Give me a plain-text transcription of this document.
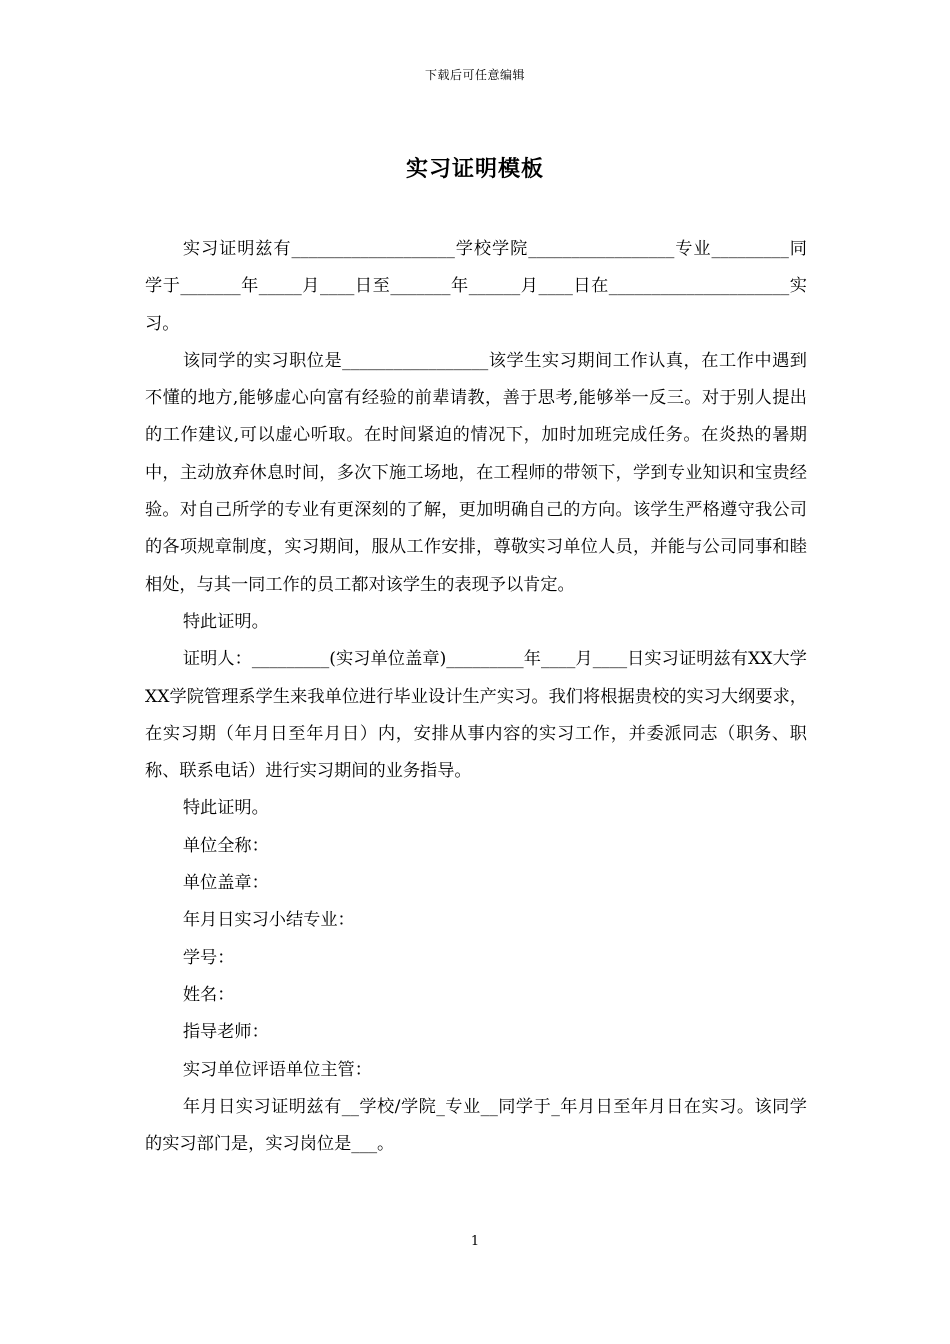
下载后可任意编辑
实习证明模板

实习证明兹有___________________学校学院_________________专业_________同学于_______年_____月____日至_______年______月____日在_____________________实习。

该同学的实习职位是_________________该学生实习期间工作认真，在工作中遇到不懂的地方,能够虚心向富有经验的前辈请教，善于思考,能够举一反三。对于别人提出的工作建议,可以虚心听取。在时间紧迫的情况下，加时加班完成任务。在炎热的暑期中，主动放弃休息时间，多次下施工场地，在工程师的带领下，学到专业知识和宝贵经验。对自己所学的专业有更深刻的了解，更加明确自己的方向。该学生严格遵守我公司的各项规章制度，实习期间，服从工作安排，尊敬实习单位人员，并能与公司同事和睦相处，与其一同工作的员工都对该学生的表现予以肯定。

特此证明。

证明人：_________(实习单位盖章)_________年____月____日实习证明兹有XX大学XX学院管理系学生来我单位进行毕业设计生产实习。我们将根据贵校的实习大纲要求，在实习期（年月日至年月日）内，安排从事内容的实习工作，并委派同志（职务、职称、联系电话）进行实习期间的业务指导。

特此证明。

单位全称：

单位盖章：

年月日实习小结专业：

学号：

姓名：

指导老师：

实习单位评语单位主管：

年月日实习证明兹有__学校/学院_专业__同学于_年月日至年月日在实习。该同学的实习部门是，实习岗位是___。

1
